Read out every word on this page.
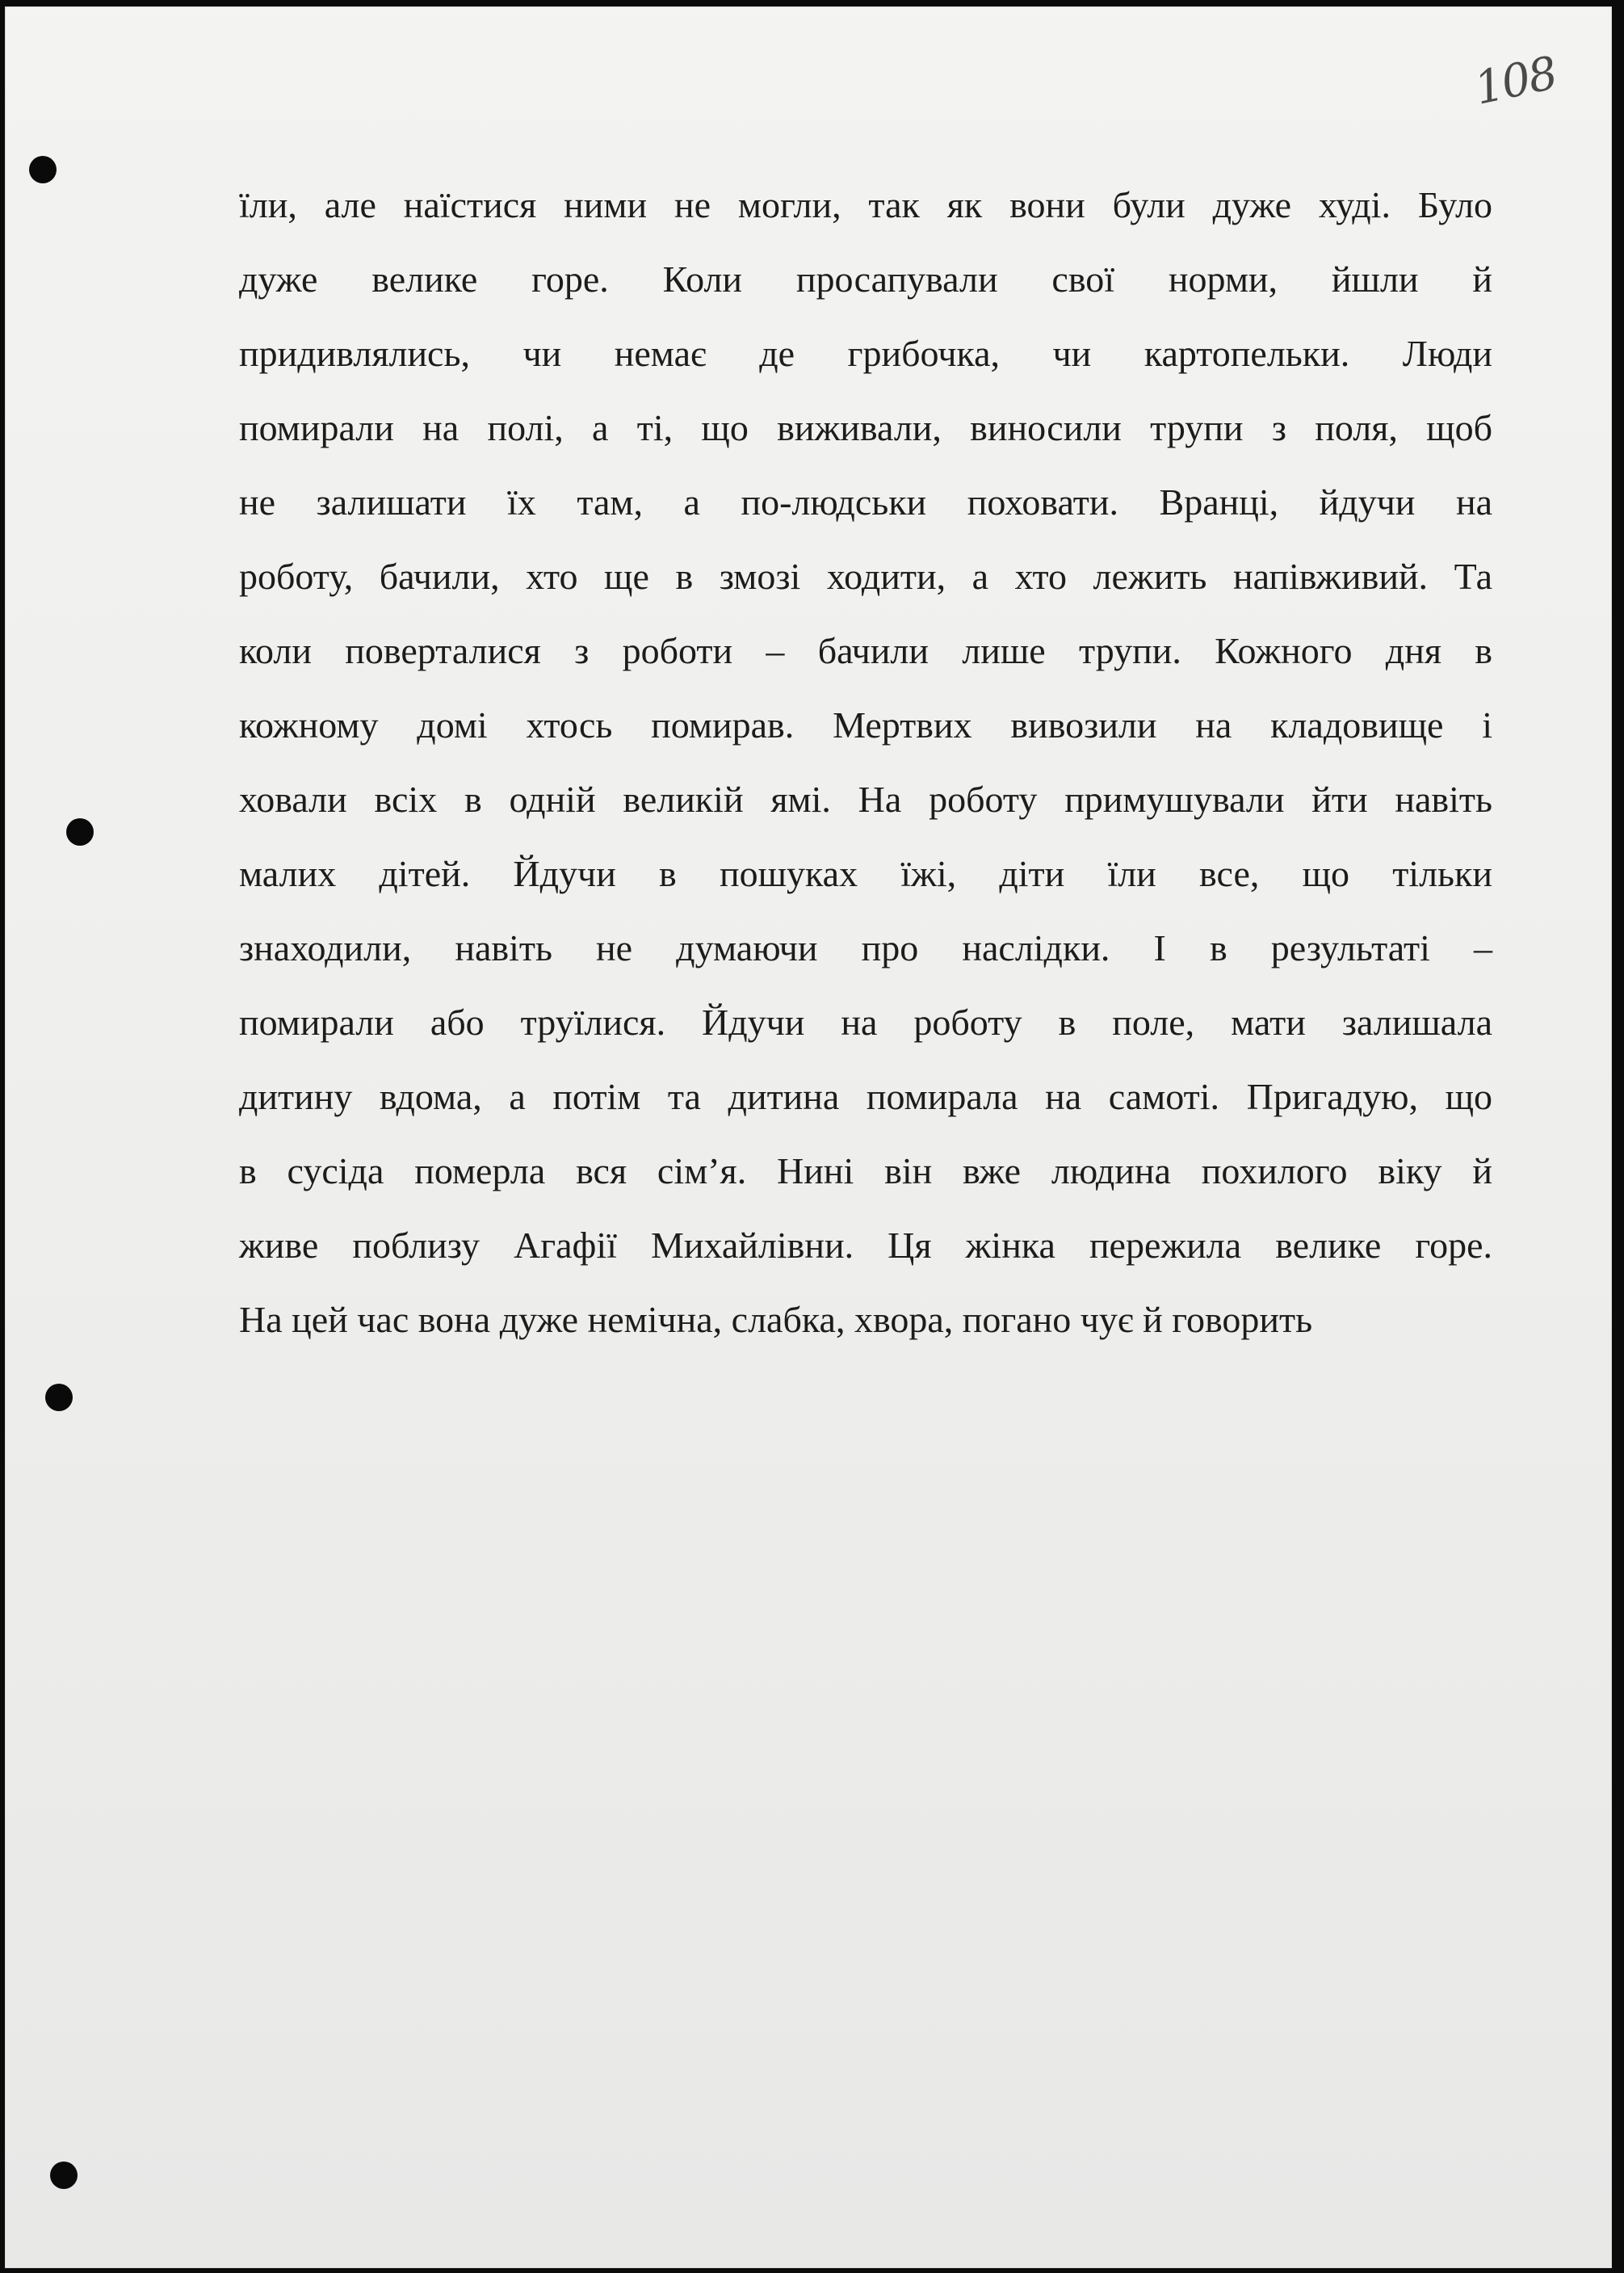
108
їли, але наїстися ними не могли, так як вони були дуже худі. Було
дуже велике горе. Коли просапували свої норми, йшли й
придивлялись, чи немає де грибочка, чи картопельки. Люди
помирали на полі, а ті, що виживали, виносили трупи з поля, щоб
не залишати їх там, а по-людськи поховати. Вранці, йдучи на
роботу, бачили, хто ще в змозі ходити, а хто лежить напівживий. Та
коли поверталися з роботи – бачили лише трупи. Кожного дня в
кожному домі хтось помирав. Мертвих вивозили на кладовище і
ховали всіх в одній великій ямі. На роботу примушували йти навіть
малих дітей. Йдучи в пошуках їжі, діти їли все, що тільки
знаходили, навіть не думаючи про наслідки. І в результаті –
помирали або труїлися. Йдучи на роботу в поле, мати залишала
дитину вдома, а потім та дитина помирала на самоті. Пригадую, що
в сусіда померла вся сім’я. Нині він вже людина похилого віку й
живе поблизу Агафії Михайлівни. Ця жінка пережила велике горе.
На цей час вона дуже немічна, слабка, хвора, погано чує й говорить
